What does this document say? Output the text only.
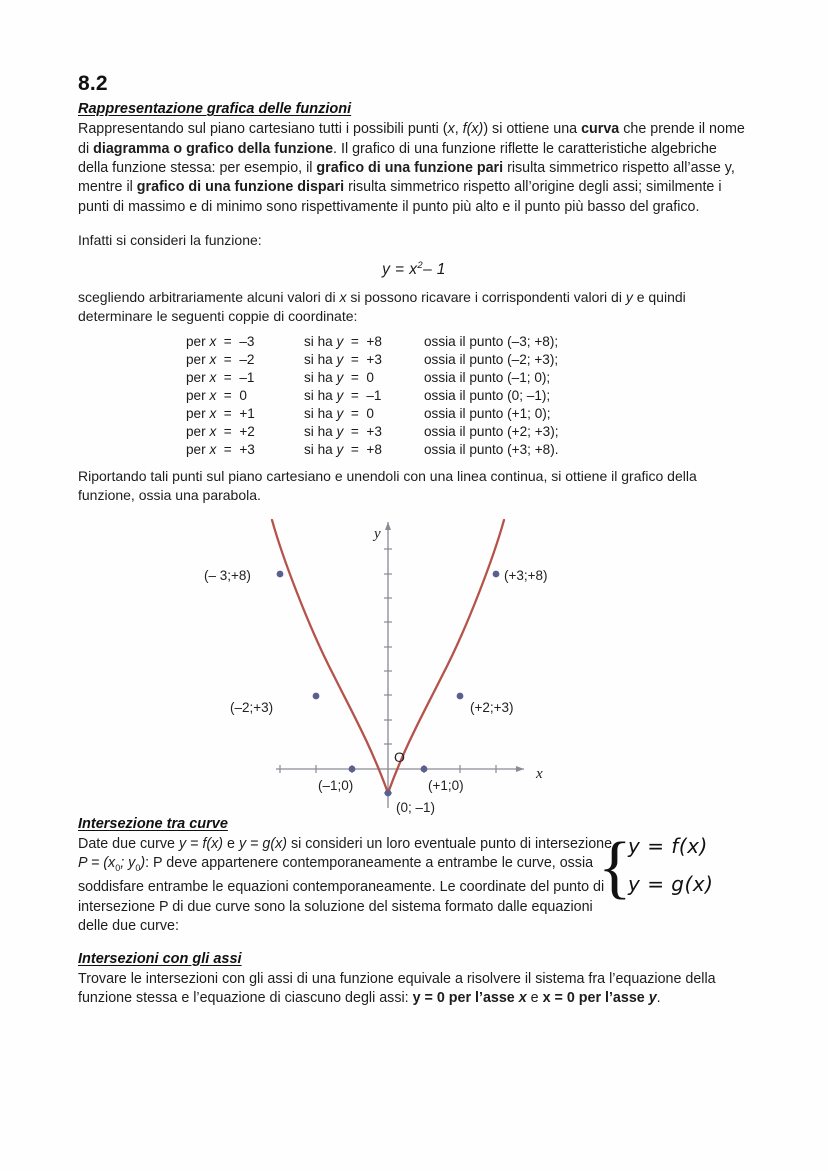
8.2
Rappresentazione grafica delle funzioni

Rappresentando sul piano cartesiano tutti i possibili punti (x, f(x)) si ottiene una curva che prende il nome di diagramma o grafico della funzione. Il grafico di una funzione riflette le caratteristiche algebriche della funzione stessa: per esempio, il grafico di una funzione pari risulta simmetrico rispetto all’asse y, mentre il grafico di una funzione dispari risulta simmetrico rispetto all’origine degli assi; similmente i punti di massimo e di minimo sono rispettivamente il punto più alto e il punto più basso del grafico.

Infatti si consideri la funzione:

$y = x^2-$ 1

scegliendo arbitrariamente alcuni valori di x si possono ricavare i corrispondenti valori di y e quindi determinare le seguenti coppie di coordinate:

per x = –3	si ha y = +8	ossia il punto (–3; +8);
per x = –2	si ha y = +3	ossia il punto (–2; +3);
per x = –1	si ha y = 0	ossia il punto (–1; 0);
per x = 0	si ha y = –1	ossia il punto (0; –1);
per x = +1	si ha y = 0	ossia il punto (+1; 0);
per x = +2	si ha y = +3	ossia il punto (+2; +3);
per x = +3	si ha y = +8	ossia il punto (+3; +8).

Riportando tali punti sul piano cartesiano e unendoli con una linea continua, si ottiene il grafico della funzione, ossia una parabola.

y
x
O
(– 3;+8)	(+3;+8)
(–2;+3)	(+2;+3)
(–1;0)	(+1;0)
(0; –1)
Intersezione tra curve

Date due curve y = f(x) e y = g(x) si consideri un loro eventuale punto di intersezione $P = (x_0$; $y_0$): P deve appartenere contemporaneamente a entrambe le curve, ossia soddisfare entrambe le equazioni contemporaneamente. Le coordinate del punto di intersezione P di due curve sono la soluzione del sistema formato dalle equazioni delle due curve:

{
y = f(x)
y = g(x)
Intersezioni con gli assi

Trovare le intersezioni con gli assi di una funzione equivale a risolvere il sistema fra l’equazione della funzione stessa e l’equazione di ciascuno degli assi: y = 0 per l’asse x e x = 0 per l’asse y.
